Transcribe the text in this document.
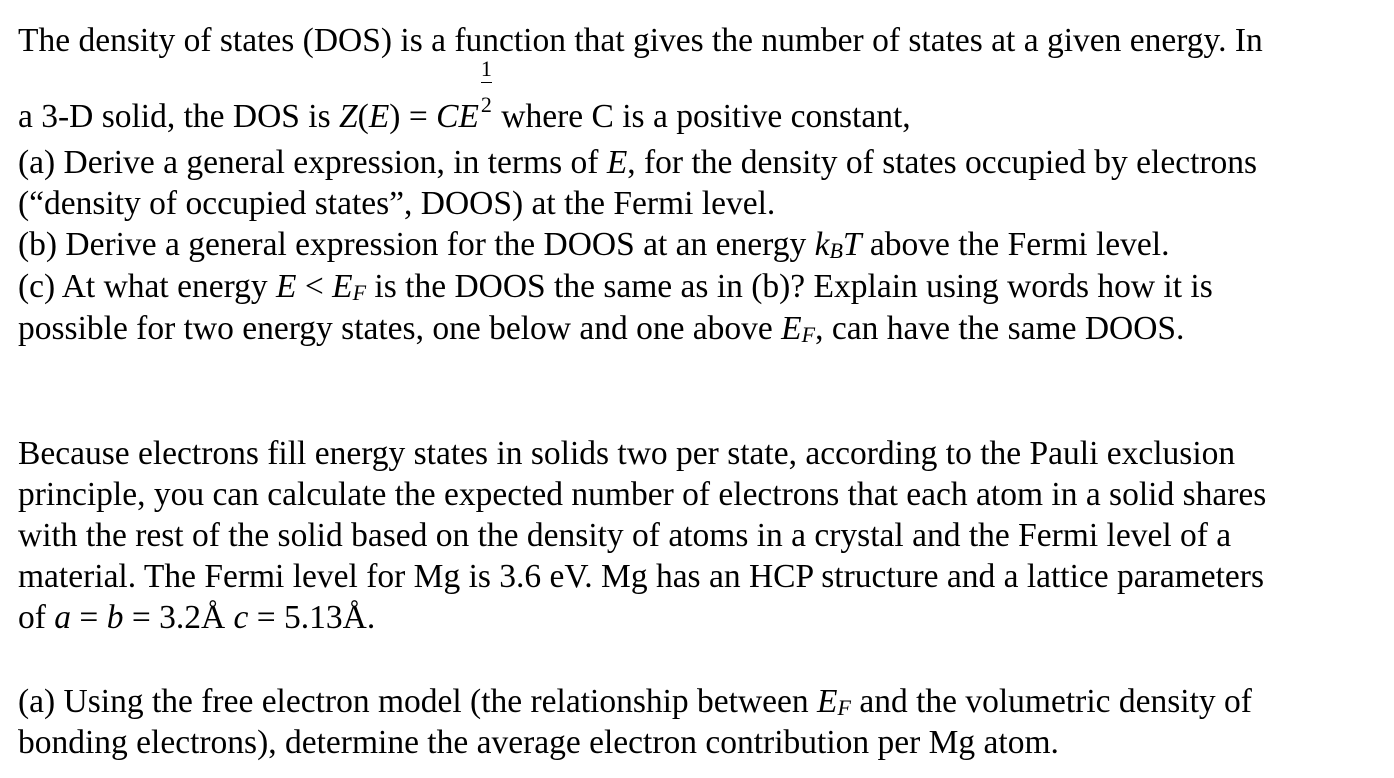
The density of states (DOS) is a function that gives the number of states at a given energy. In
a 3-D solid, the DOS is Z(E) = CE $\frac{1}{2}$ where C is a positive constant,
(a) Derive a general expression, in terms of E, for the density of states occupied by electrons
(“density of occupied states”, DOOS) at the Fermi level.
(b) Derive a general expression for the DOOS at an energy kBT above the Fermi level.
(c) At what energy E < EF is the DOOS the same as in (b)? Explain using words how it is
possible for two energy states, one below and one above EF, can have the same DOOS.
Because electrons fill energy states in solids two per state, according to the Pauli exclusion
principle, you can calculate the expected number of electrons that each atom in a solid shares
with the rest of the solid based on the density of atoms in a crystal and the Fermi level of a
material. The Fermi level for Mg is 3.6 eV. Mg has an HCP structure and a lattice parameters
of a = b = 3.2Å c = 5.13Å.
(a) Using the free electron model (the relationship between EF and the volumetric density of
bonding electrons), determine the average electron contribution per Mg atom.
